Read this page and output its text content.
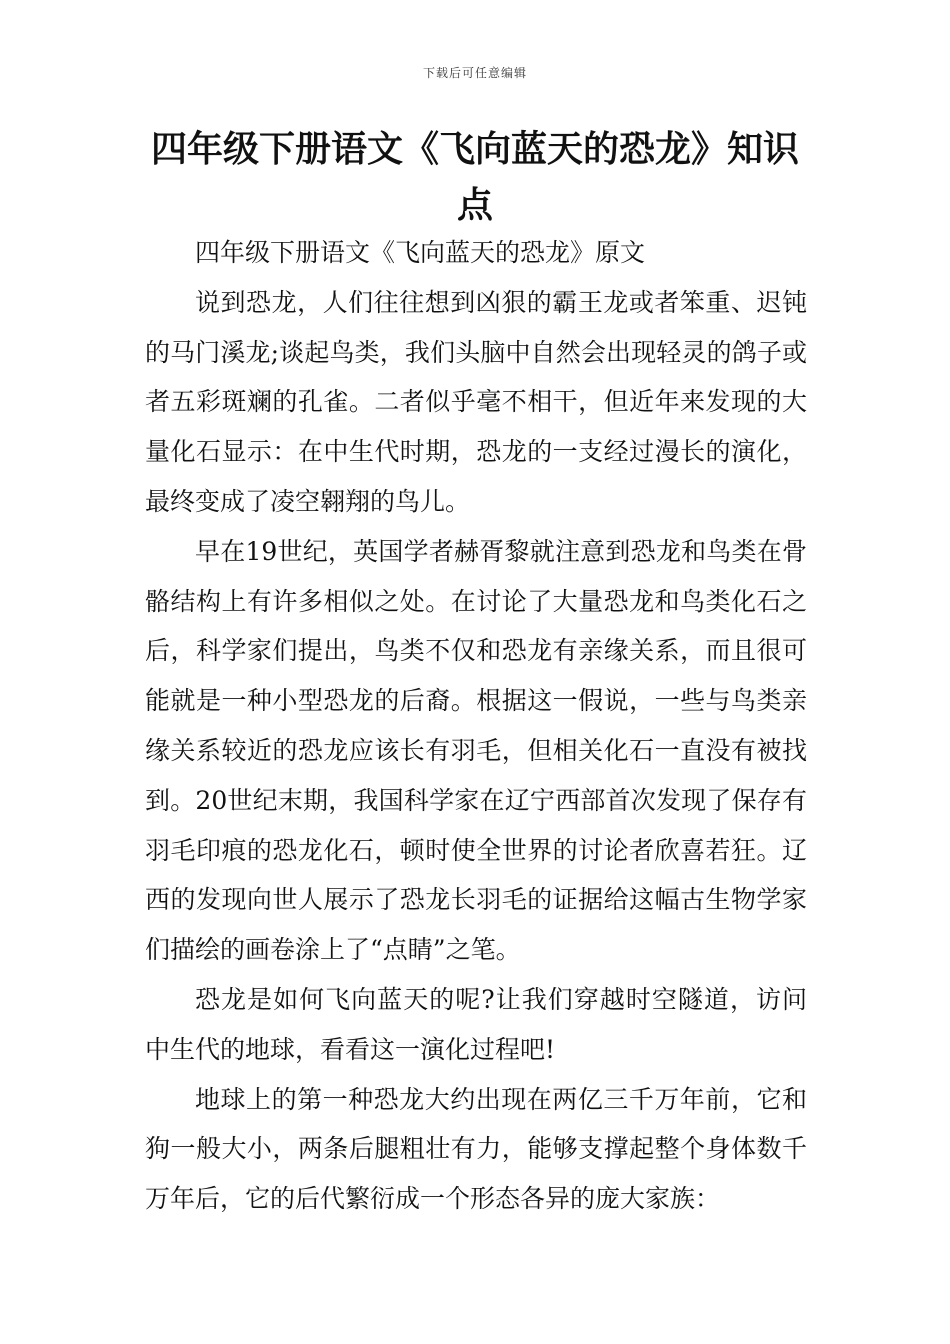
下载后可任意编辑
四年级下册语文《飞向蓝天的恐龙》知识点

四年级下册语文《飞向蓝天的恐龙》原文

说到恐龙，人们往往想到凶狠的霸王龙或者笨重、迟钝的马门溪龙;谈起鸟类，我们头脑中自然会出现轻灵的鸽子或者五彩斑斓的孔雀。二者似乎毫不相干，但近年来发现的大量化石显示：在中生代时期，恐龙的一支经过漫长的演化，最终变成了凌空翱翔的鸟儿。

早在19世纪，英国学者赫胥黎就注意到恐龙和鸟类在骨骼结构上有许多相似之处。在讨论了大量恐龙和鸟类化石之后，科学家们提出，鸟类不仅和恐龙有亲缘关系，而且很可能就是一种小型恐龙的后裔。根据这一假说，一些与鸟类亲缘关系较近的恐龙应该长有羽毛，但相关化石一直没有被找到。20世纪末期，我国科学家在辽宁西部首次发现了保存有羽毛印痕的恐龙化石，顿时使全世界的讨论者欣喜若狂。辽西的发现向世人展示了恐龙长羽毛的证据给这幅古生物学家们描绘的画卷涂上了“点睛”之笔。

恐龙是如何飞向蓝天的呢?让我们穿越时空隧道，访问中生代的地球，看看这一演化过程吧!

地球上的第一种恐龙大约出现在两亿三千万年前，它和狗一般大小，两条后腿粗壮有力，能够支撑起整个身体数千万年后，它的后代繁衍成一个形态各异的庞大家族：
